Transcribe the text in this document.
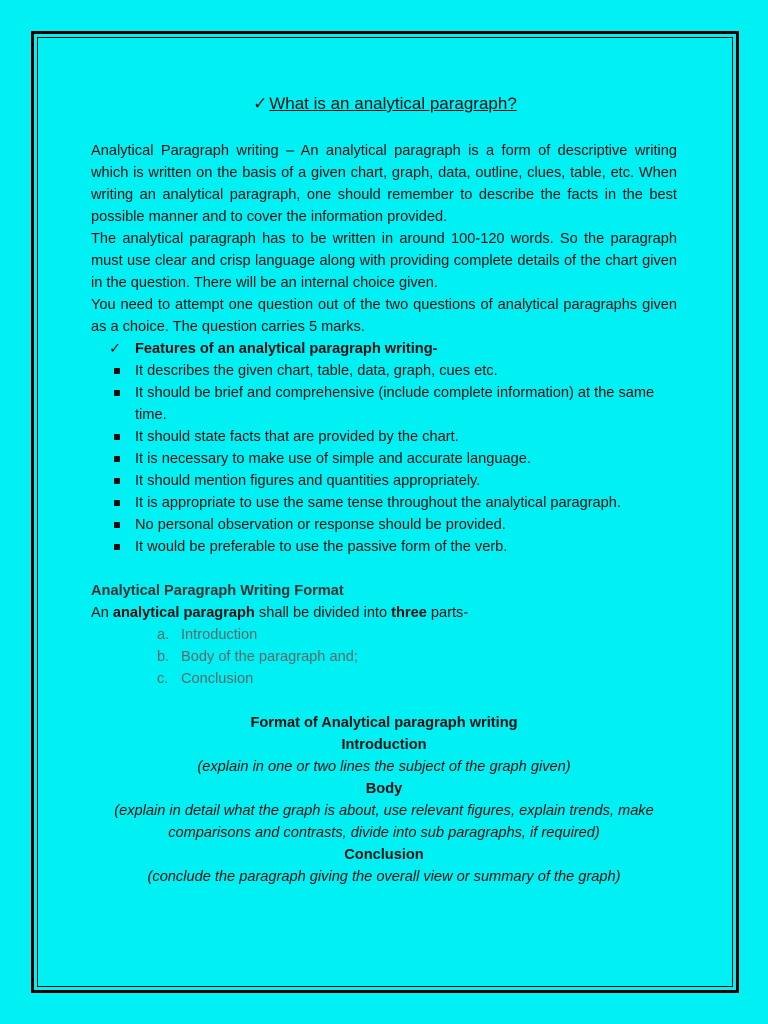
✓ What is an analytical paragraph?

Analytical Paragraph writing – An analytical paragraph is a form of descriptive writing which is written on the basis of a given chart, graph, data, outline, clues, table, etc. When writing an analytical paragraph, one should remember to describe the facts in the best possible manner and to cover the information provided.

The analytical paragraph has to be written in around 100-120 words. So the paragraph must use clear and crisp language along with providing complete details of the chart given in the question. There will be an internal choice given.

You need to attempt one question out of the two questions of analytical paragraphs given as a choice. The question carries 5 marks.

✓ Features of an analytical paragraph writing-
It describes the given chart, table, data, graph, cues etc.
It should be brief and comprehensive (include complete information) at the same time.
It should state facts that are provided by the chart.
It is necessary to make use of simple and accurate language.
It should mention figures and quantities appropriately.
It is appropriate to use the same tense throughout the analytical paragraph.
No personal observation or response should be provided.
It would be preferable to use the passive form of the verb.
Analytical Paragraph Writing Format
An analytical paragraph shall be divided into three parts-
a. Introduction
b. Body of the paragraph and;
c. Conclusion
Format of Analytical paragraph writing
Introduction
(explain in one or two lines the subject of the graph given)
Body
(explain in detail what the graph is about, use relevant figures, explain trends, make comparisons and contrasts, divide into sub paragraphs, if required)
Conclusion
(conclude the paragraph giving the overall view or summary of the graph)
